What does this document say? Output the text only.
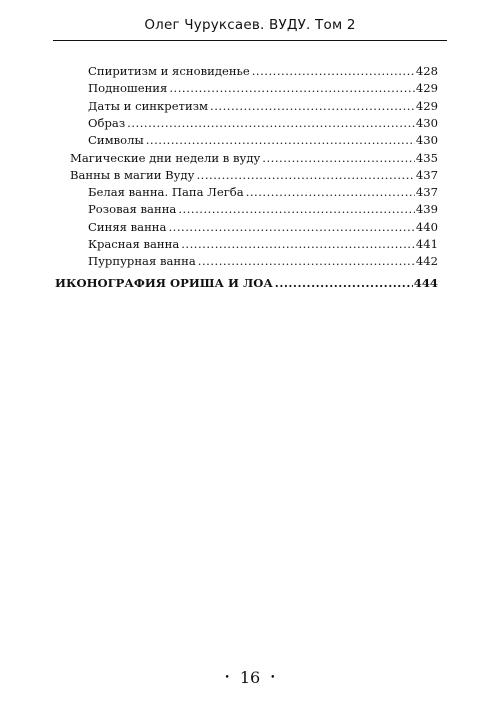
Олег Чуруксаев. ВУДУ. Том 2
Спиритизм и ясновиденье .....	428
Подношения .....	429
Даты и синкретизм .....	429
Образ .....	430
Символы .....	430
Магические дни недели в вуду .....	435
Ванны в магии Вуду .....	437
Белая ванна. Папа Легба .....	437
Розовая ванна .....	439
Синяя ванна .....	440
Красная ванна .....	441
Пурпурная ванна .....	442
ИКОНОГРАФИЯ ОРИША И ЛОА .....	444
• 16 •
